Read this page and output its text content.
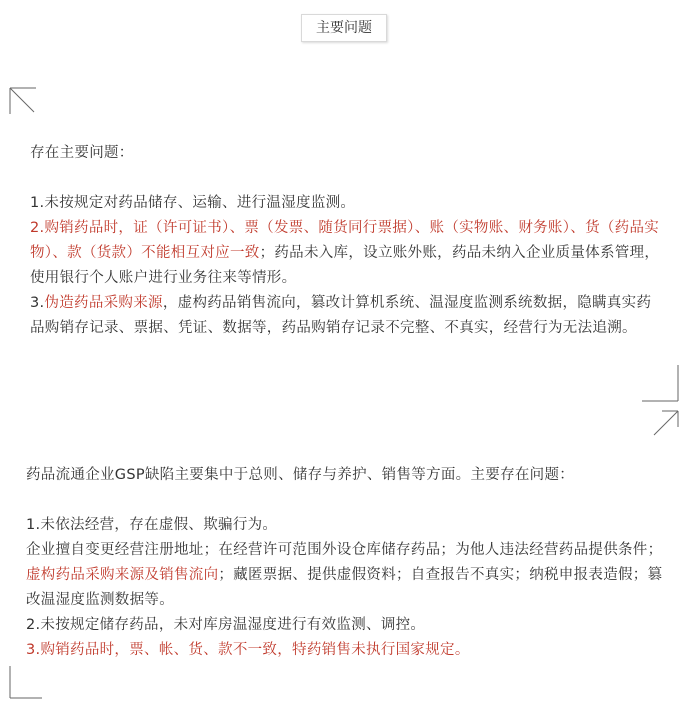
主要问题

存在主要问题：

1.未按规定对药品储存、运输、进行温湿度监测。

2.购销药品时，证（许可证书）、票（发票、随货同行票据）、账（实物账、财务账）、货（药品实物）、款（货款）不能相互对应一致；药品未入库，设立账外账，药品未纳入企业质量体系管理，使用银行个人账户进行业务往来等情形。

3.伪造药品采购来源，虚构药品销售流向，篡改计算机系统、温湿度监测系统数据，隐瞒真实药品购销存记录、票据、凭证、数据等，药品购销存记录不完整、不真实，经营行为无法追溯。

药品流通企业GSP缺陷主要集中于总则、储存与养护、销售等方面。主要存在问题：

1.未依法经营，存在虚假、欺骗行为。

企业擅自变更经营注册地址；在经营许可范围外设仓库储存药品；为他人违法经营药品提供条件；虚构药品采购来源及销售流向；藏匿票据、提供虚假资料；自查报告不真实；纳税申报表造假；篡改温湿度监测数据等。

2.未按规定储存药品，未对库房温湿度进行有效监测、调控。

3.购销药品时，票、帐、货、款不一致，特药销售未执行国家规定。
